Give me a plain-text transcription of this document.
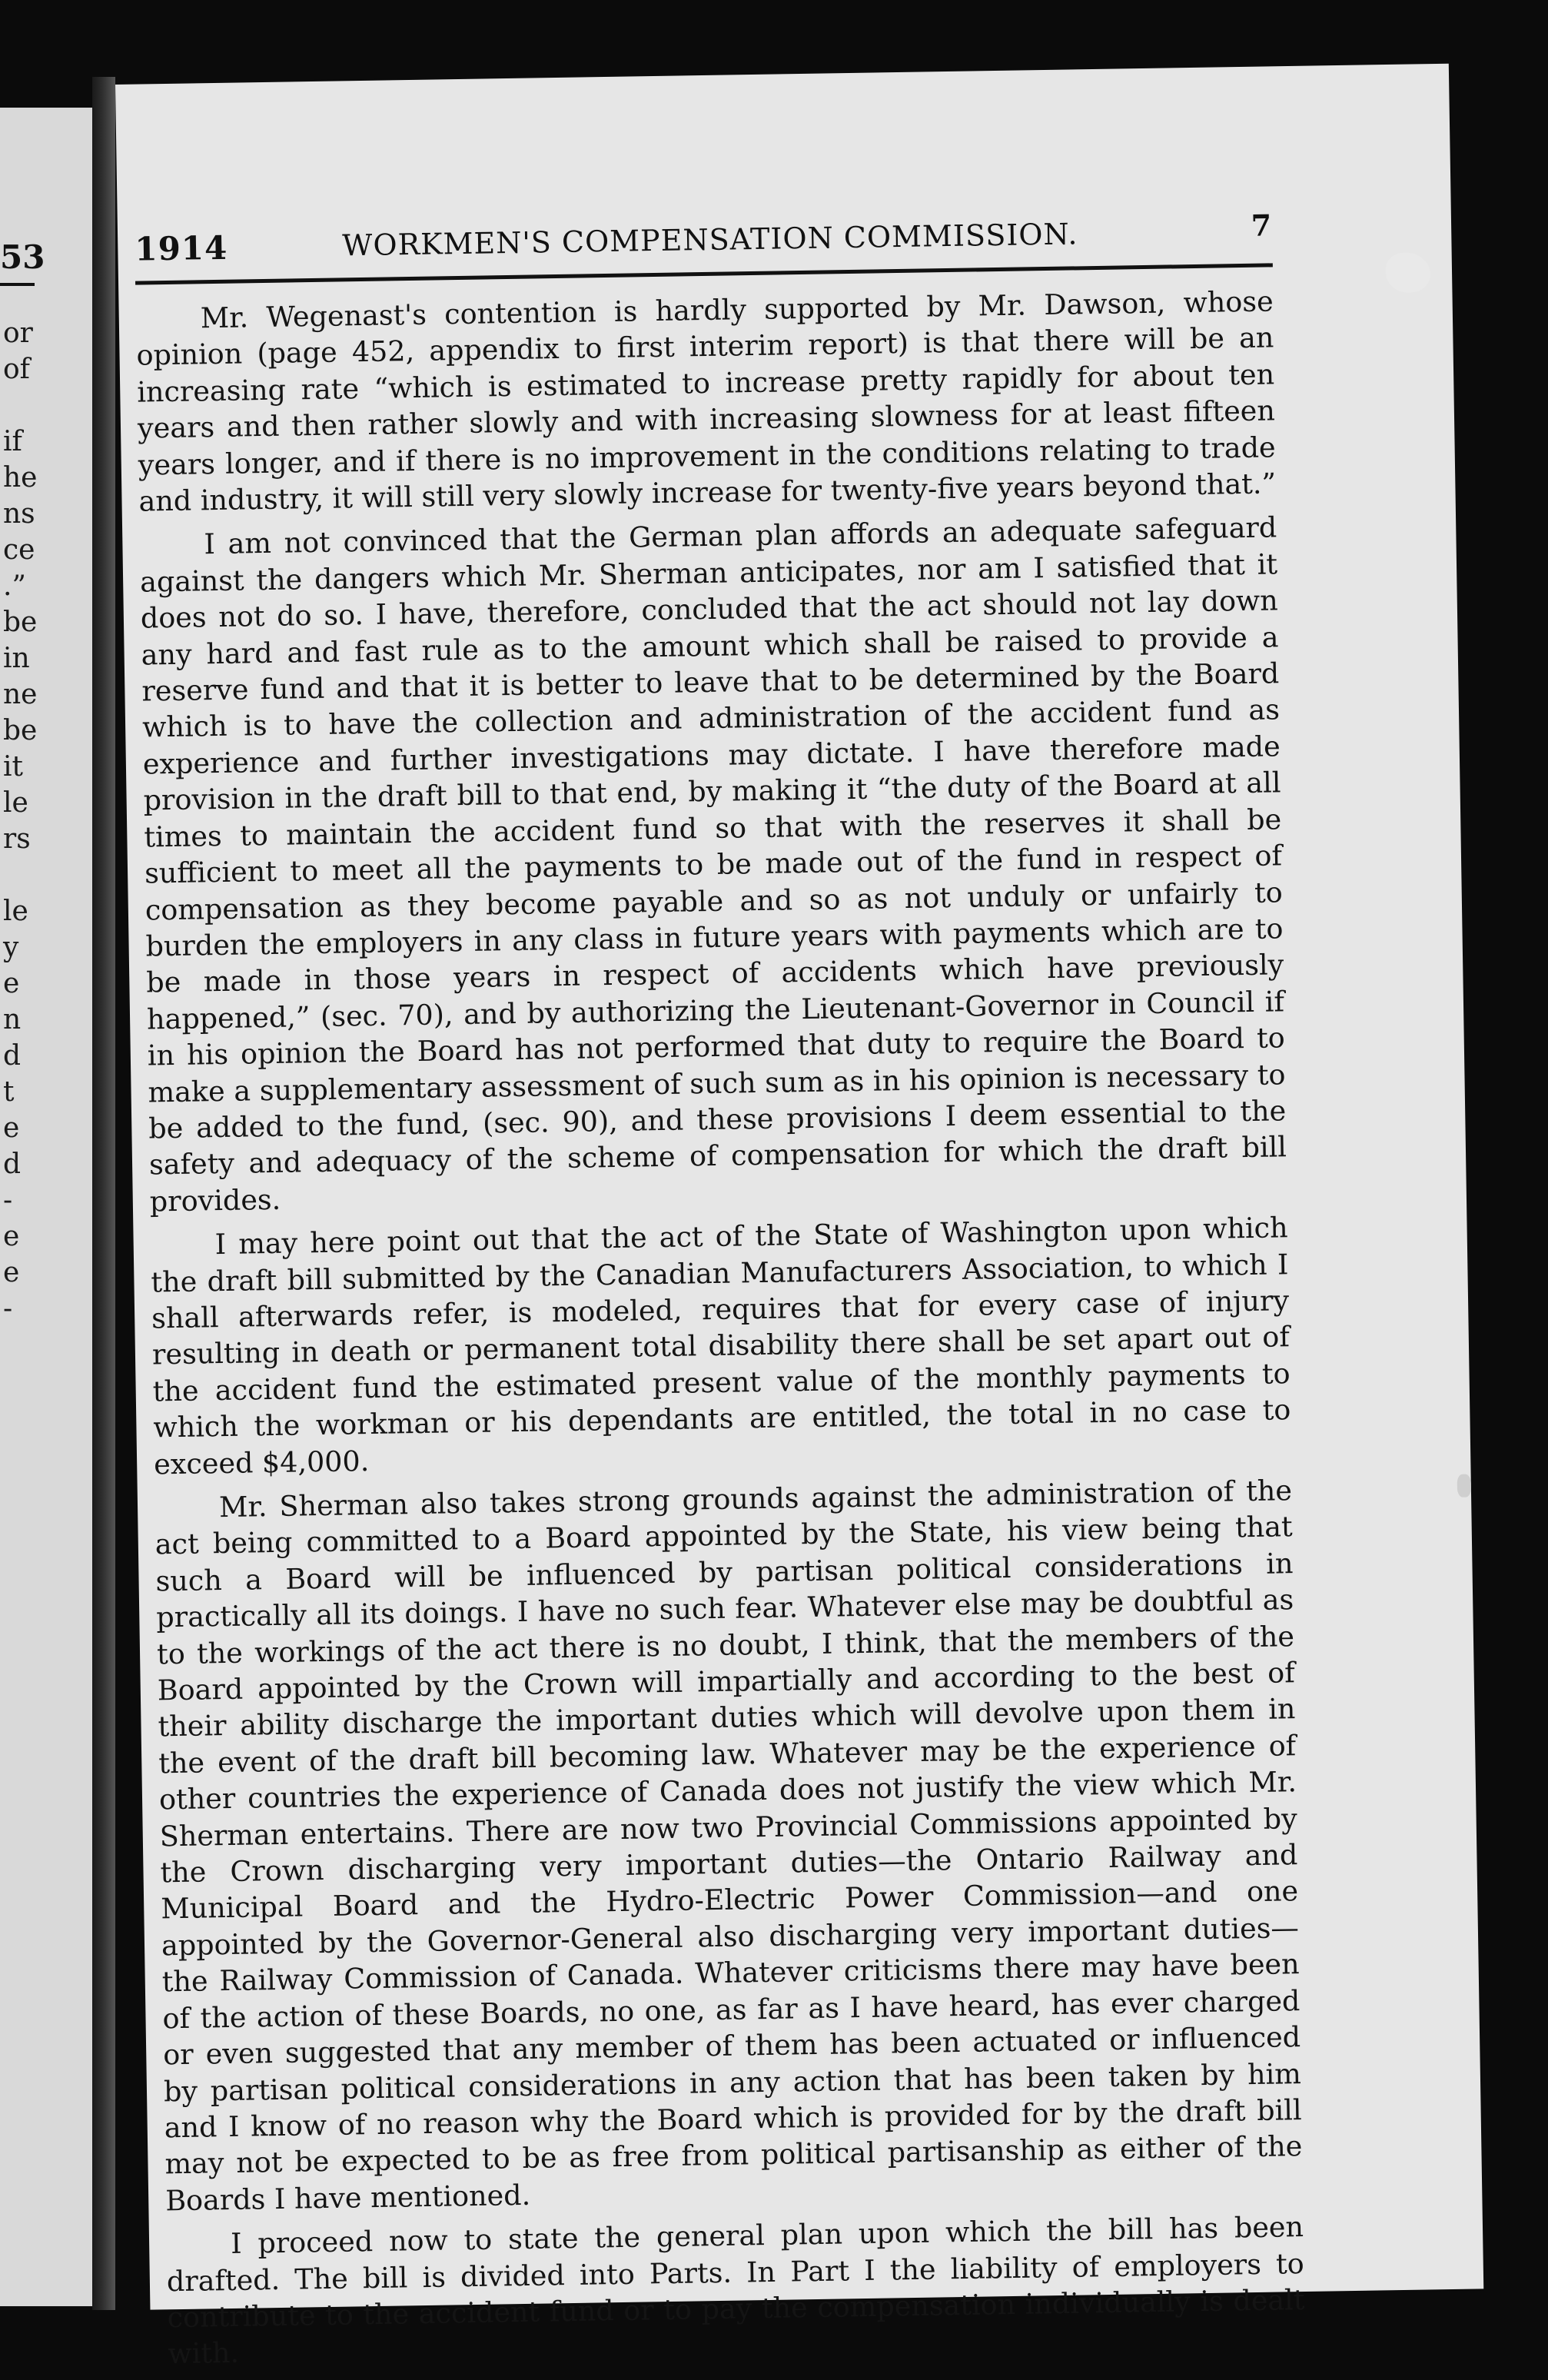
53
or
of
if
he
ns
ce
.”
be
in
ne
be
it
le
rs
le
y
e
n
d
t
e
d
-
e
e
-
1914	WORKMEN'S COMPENSATION COMMISSION.	7

Mr. Wegenast's contention is hardly supported by Mr. Dawson, whose opinion (page 452, appendix to first interim report) is that there will be an increasing rate “which is estimated to increase pretty rapidly for about ten years and then rather slowly and with increasing slowness for at least fifteen years longer, and if there is no improvement in the conditions relating to trade and industry, it will still very slowly increase for twenty-five years beyond that.”

I am not convinced that the German plan affords an adequate safeguard against the dangers which Mr. Sherman anticipates, nor am I satisfied that it does not do so. I have, therefore, concluded that the act should not lay down any hard and fast rule as to the amount which shall be raised to provide a reserve fund and that it is better to leave that to be determined by the Board which is to have the collection and administration of the accident fund as experience and further investigations may dictate. I have therefore made provision in the draft bill to that end, by making it “the duty of the Board at all times to maintain the accident fund so that with the reserves it shall be sufficient to meet all the payments to be made out of the fund in respect of compensation as they become payable and so as not unduly or unfairly to burden the employers in any class in future years with payments which are to be made in those years in respect of accidents which have previously happened,” (sec. 70), and by authorizing the Lieutenant-Governor in Council if in his opinion the Board has not performed that duty to require the Board to make a supplementary assessment of such sum as in his opinion is necessary to be added to the fund, (sec. 90), and these provisions I deem essential to the safety and adequacy of the scheme of compensation for which the draft bill provides.

I may here point out that the act of the State of Washington upon which the draft bill submitted by the Canadian Manufacturers Association, to which I shall afterwards refer, is modeled, requires that for every case of injury resulting in death or permanent total disability there shall be set apart out of the accident fund the estimated present value of the monthly payments to which the workman or his dependants are entitled, the total in no case to exceed $4,000.

Mr. Sherman also takes strong grounds against the administration of the act being committed to a Board appointed by the State, his view being that such a Board will be influenced by partisan political considerations in practically all its doings. I have no such fear. Whatever else may be doubtful as to the workings of the act there is no doubt, I think, that the members of the Board appointed by the Crown will impartially and according to the best of their ability discharge the important duties which will devolve upon them in the event of the draft bill becoming law. Whatever may be the experience of other countries the experience of Canada does not justify the view which Mr. Sherman entertains. There are now two Provincial Commissions appointed by the Crown discharging very important duties—the Ontario Railway and Municipal Board and the Hydro-Electric Power Commission—and one appointed by the Governor-General also discharging very important duties—the Railway Commission of Canada. Whatever criticisms there may have been of the action of these Boards, no one, as far as I have heard, has ever charged or even suggested that any member of them has been actuated or influenced by partisan political considerations in any action that has been taken by him and I know of no reason why the Board which is provided for by the draft bill may not be expected to be as free from political partisanship as either of the Boards I have mentioned.

I proceed now to state the general plan upon which the bill has been drafted. The bill is divided into Parts. In Part I the liability of employers to contribute to the accident fund or to pay the compensation individually is dealt with.
